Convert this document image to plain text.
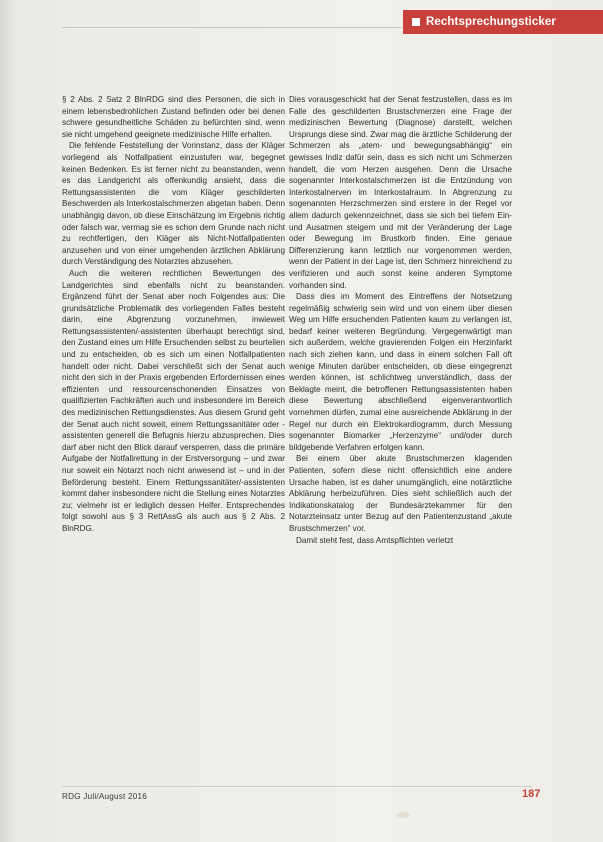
Rechtsprechungsticker

§ 2 Abs. 2 Satz 2 BlnRDG sind dies Personen, die sich in einem lebensbedrohlichen Zustand befinden oder bei denen schwere gesundheitliche Schäden zu befürchten sind, wenn sie nicht umgehend geeignete medizinische Hilfe erhalten.

Die fehlende Feststellung der Vorinstanz, dass der Kläger vorliegend als Notfallpatient einzustufen war, begegnet keinen Bedenken. Es ist ferner nicht zu beanstanden, wenn es das Landgericht als offenkundig ansieht, dass die Rettungsassistenten die vom Kläger geschilderten Beschwerden als Interkostalschmerzen abgetan haben. Denn unabhängig davon, ob diese Einschätzung im Ergebnis richtig oder falsch war, vermag sie es schon dem Grunde nach nicht zu rechtfertigen, den Kläger als Nicht-Notfallpatienten anzusehen und von einer umgehenden ärztlichen Abklärung durch Verständigung des Notarztes abzusehen.

Auch die weiteren rechtlichen Bewertungen des Landgerichtes sind ebenfalls nicht zu beanstanden. Ergänzend führt der Senat aber noch Folgendes aus: Die grundsätzliche Problematik des vorliegenden Falles besteht darin, eine Abgrenzung vorzunehmen, inwieweit Rettungsassistenten/-assistenten überhaupt berechtigt sind, den Zustand eines um Hilfe Ersuchenden selbst zu beurteilen und zu entscheiden, ob es sich um einen Notfallpatienten handelt oder nicht. Dabei verschließt sich der Senat auch nicht den sich in der Praxis ergebenden Erfordernissen eines effizienten und ressourcenschonenden Einsatzes von qualifizierten Fachkräften auch und insbesondere im Bereich des medizinischen Rettungsdienstes. Aus diesem Grund geht der Senat auch nicht soweit, einem Rettungssanitäter oder -assistenten generell die Befugnis hierzu abzusprechen. Dies darf aber nicht den Blick darauf versperren, dass die primäre Aufgabe der Notfallrettung in der Erstversorgung – und zwar nur soweit ein Notarzt noch nicht anwesend ist – und in der Beförderung besteht. Einem Rettungssanitäter/-assistenten kommt daher insbesondere nicht die Stellung eines Notarztes zu; vielmehr ist er lediglich dessen Helfer. Entsprechendes folgt sowohl aus § 3 RettAssG als auch aus § 2 Abs. 2 BlnRDG.

Dies vorausgeschickt hat der Senat festzustellen, dass es im Falle des geschilderten Brustschmerzen eine Frage der medizinischen Bewertung (Diagnose) darstellt, welchen Ursprungs diese sind. Zwar mag die ärztliche Schilderung der Schmerzen als „atem- und bewegungsabhängig“ ein gewisses Indiz dafür sein, dass es sich nicht um Schmerzen handelt, die vom Herzen ausgehen. Denn die Ursache sogenannter Interkostalschmerzen ist die Entzündung von Interkostalnerven im Interkostalraum. In Abgrenzung zu sogenannten Herzschmerzen sind erstere in der Regel vor allem dadurch gekennzeichnet, dass sie sich bei tiefem Ein- und Ausatmen steigern und mit der Veränderung der Lage oder Bewegung im Brustkorb finden. Eine genaue Differenzierung kann letztlich nur vorgenommen werden, wenn der Patient in der Lage ist, den Schmerz hinreichend zu verifizieren und auch sonst keine anderen Symptome vorhanden sind.

Dass dies im Moment des Eintreffens der Notsetzung regelmäßig schwierig sein wird und von einem über diesen Weg um Hilfe ersuchenden Patienten kaum zu verlangen ist, bedarf keiner weiteren Begründung. Vergegenwärtigt man sich außerdem, welche gravierenden Folgen ein Herzinfarkt nach sich ziehen kann, und dass in einem solchen Fall oft wenige Minuten darüber entscheiden, ob diese eingegrenzt werden können, ist schlichtweg unverständlich, dass der Beklagte meint, die betroffenen Rettungsassistenten haben diese Bewertung abschließend eigenverantwortlich vornehmen dürfen, zumal eine ausreichende Abklärung in der Regel nur durch ein Elektrokardiogramm, durch Messung sogenannter Biomarker „Herzenzyme“ und/oder durch bildgebende Verfahren erfolgen kann.

Bei einem über akute Brustschmerzen klagenden Patienten, sofern diese nicht offensichtlich eine andere Ursache haben, ist es daher unumgänglich, eine notärztliche Abklärung herbeizuführen. Dies sieht schließlich auch der Indikationskatalog der Bundesärztekammer für den Notarzteinsatz unter Bezug auf den Patientenzustand „akute Brustschmerzen“ vor.

Damit steht fest, dass Amtspflichten verletzt

RDG Juli/August 2016	187
